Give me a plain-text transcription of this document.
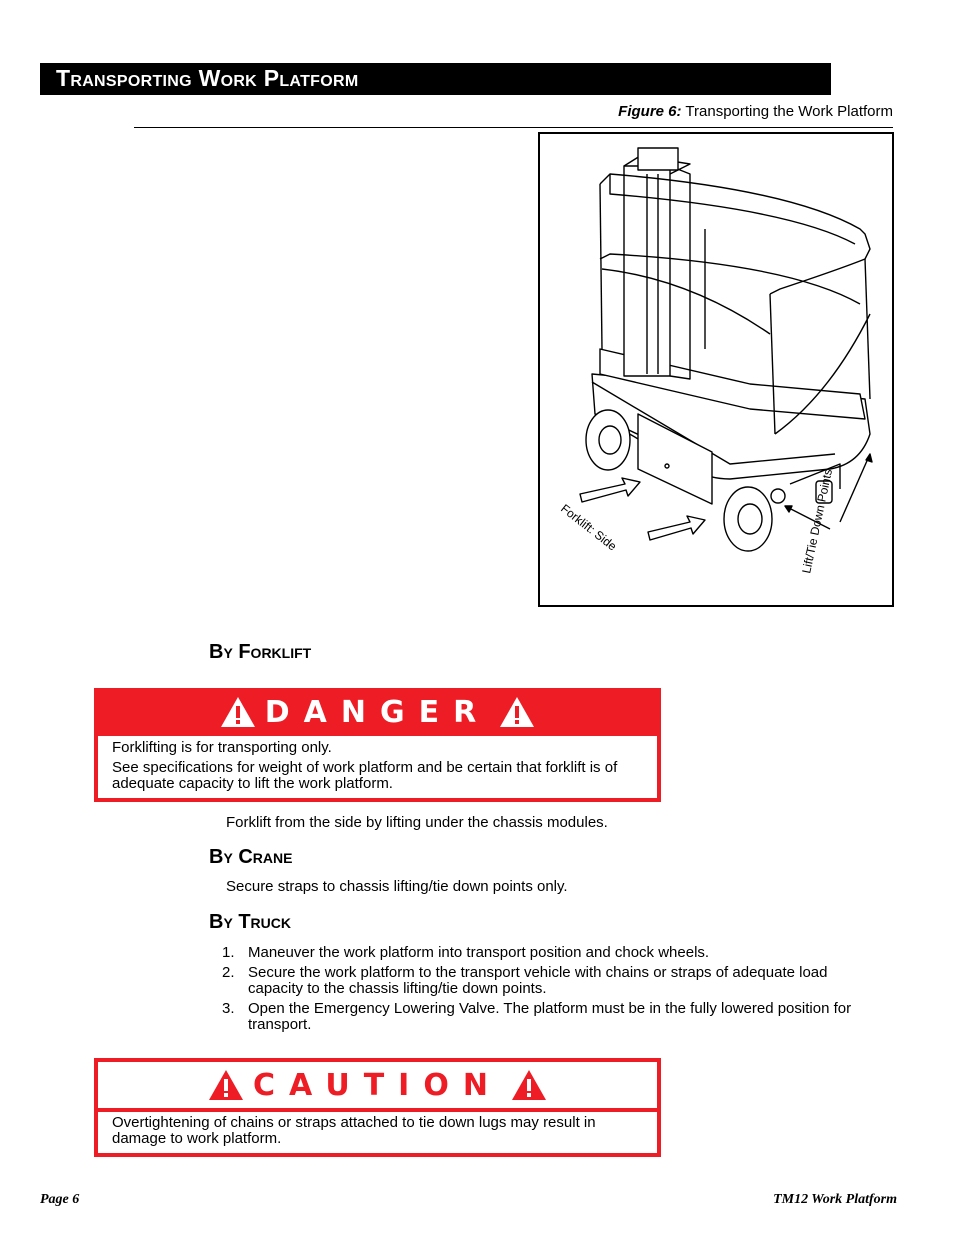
Transporting Work Platform
Figure 6: Transporting the Work Platform
Forklift: Side	Lift/Tie Down Points
By Forklift
DANGER

Forklifting is for transporting only.

See specifications for weight of work platform and be certain that forklift is of adequate capacity to lift the work platform.

Forklift from the side by lifting under the chassis modules.
By Crane
Secure straps to chassis lifting/tie down points only.
By Truck
1. Maneuver the work platform into transport position and chock wheels.
2. Secure the work platform to the transport vehicle with chains or straps of adequate load capacity to the chassis lifting/tie down points.
3. Open the Emergency Lowering Valve. The platform must be in the fully lowered position for transport.
CAUTION
Overtightening of chains or straps attached to tie down lugs may result in damage to work platform.
Page 6	TM12 Work Platform
